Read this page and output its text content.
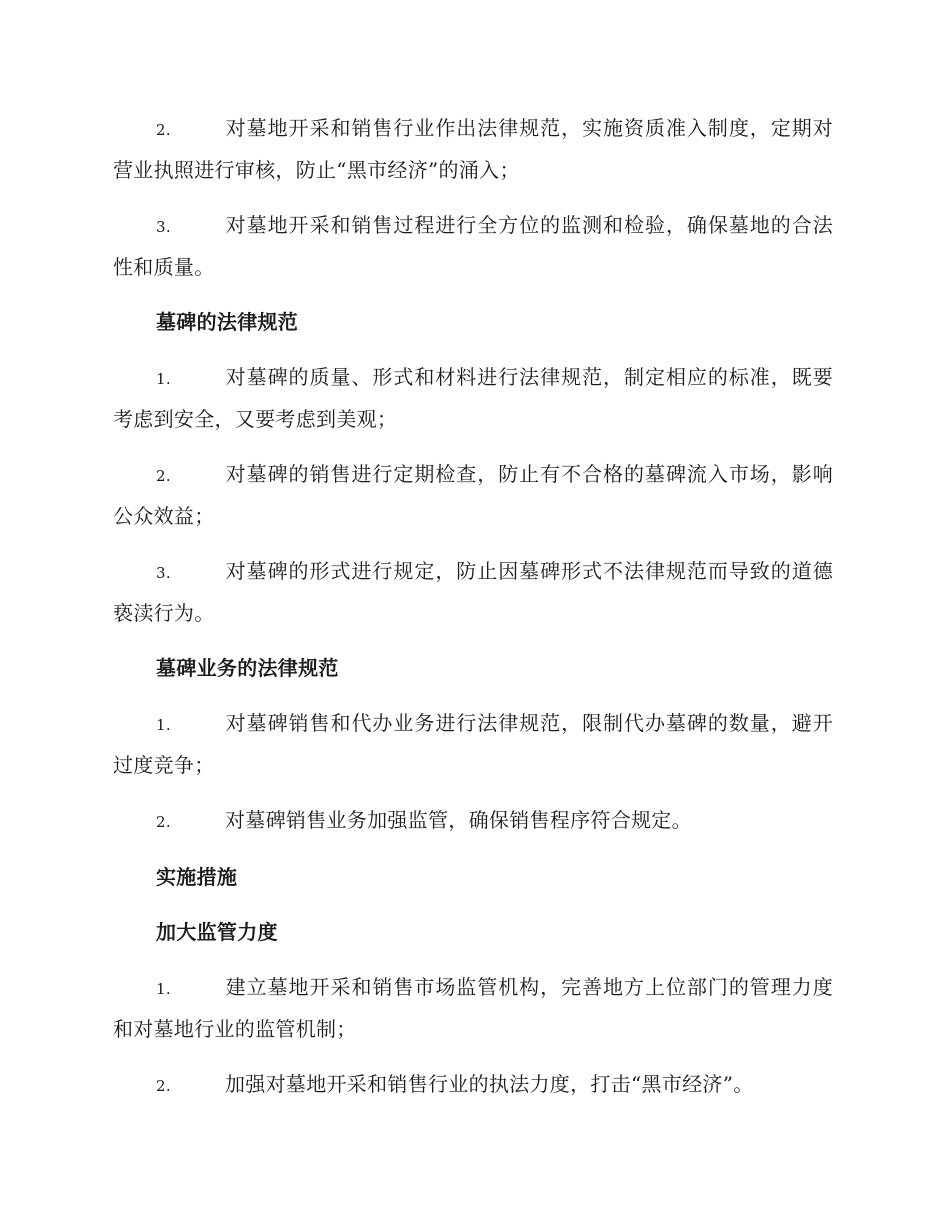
2.	对墓地开采和销售行业作出法律规范，实施资质准入制度，定期对营业执照进行审核，防止“黑市经济”的涌入；

3.	对墓地开采和销售过程进行全方位的监测和检验，确保墓地的合法性和质量。

墓碑的法律规范

1.	对墓碑的质量、形式和材料进行法律规范，制定相应的标准，既要考虑到安全，又要考虑到美观；

2.	对墓碑的销售进行定期检查，防止有不合格的墓碑流入市场，影响公众效益；

3.	对墓碑的形式进行规定，防止因墓碑形式不法律规范而导致的道德亵渎行为。

墓碑业务的法律规范

1.	对墓碑销售和代办业务进行法律规范，限制代办墓碑的数量，避开过度竞争；

2.	对墓碑销售业务加强监管，确保销售程序符合规定。

实施措施

加大监管力度

1.	建立墓地开采和销售市场监管机构，完善地方上位部门的管理力度和对墓地行业的监管机制；

2.	加强对墓地开采和销售行业的执法力度，打击“黑市经济”。
